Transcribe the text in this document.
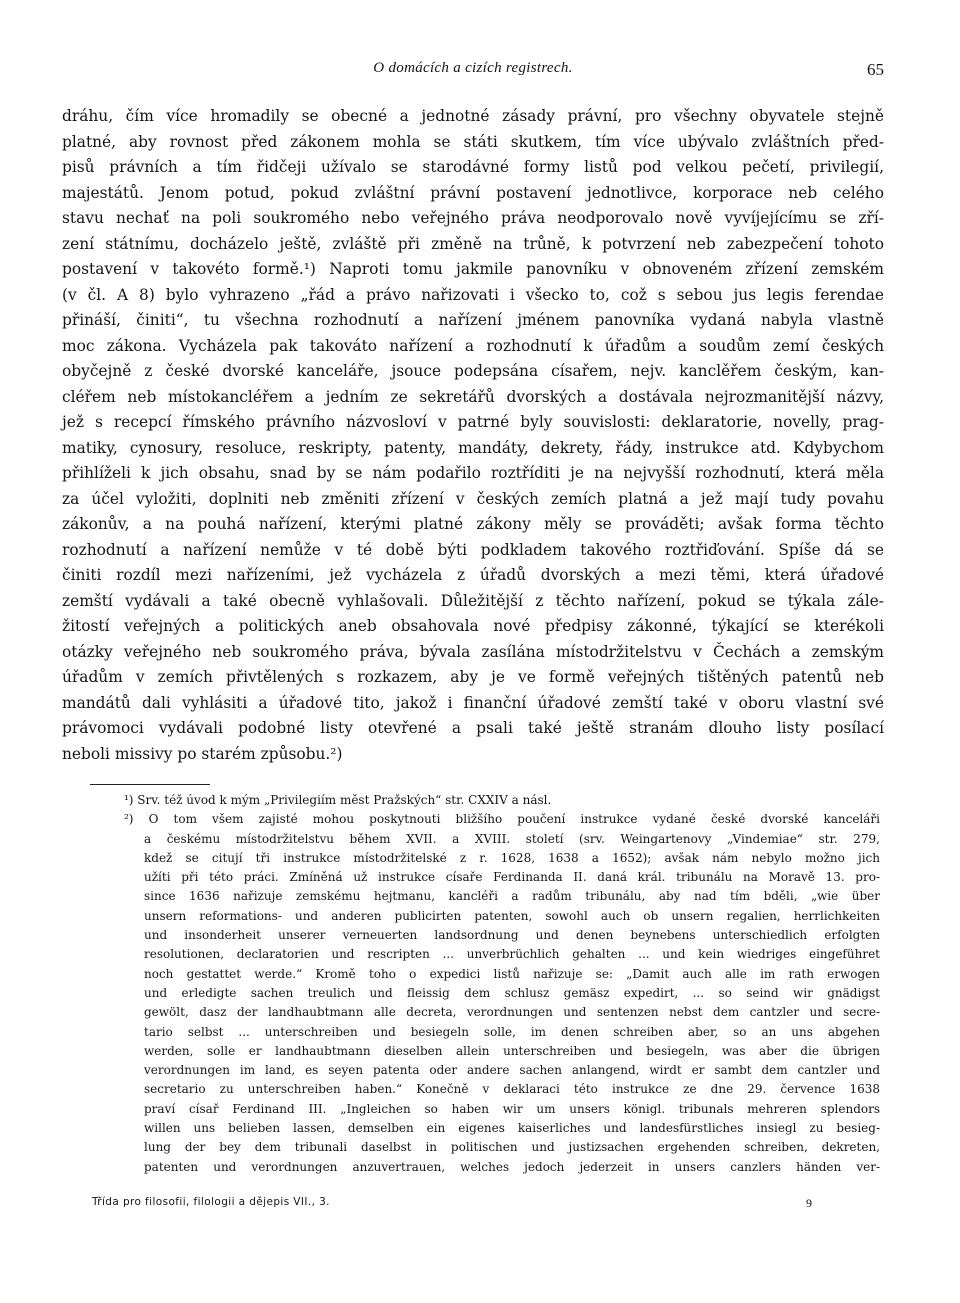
O domácích a cizích registrech.	65
dráhu, čím více hromadily se obecné a jednotné zásady právní, pro všechny obyvatele stejně
platné, aby rovnost před zákonem mohla se státi skutkem, tím více ubývalo zvláštních před-
pisů právních a tím řidčeji užívalo se starodávné formy listů pod velkou pečetí, privilegií,
majestátů. Jenom potud, pokud zvláštní právní postavení jednotlivce, korporace neb celého
stavu nechať na poli soukromého nebo veřejného práva neodporovalo nově vyvíjejícímu se zří-
zení státnímu, docházelo ještě, zvláště při změně na trůně, k potvrzení neb zabezpečení tohoto
postavení v takovéto formě.¹) Naproti tomu jakmile panovníku v obnoveném zřízení zemském
(v čl. A 8) bylo vyhrazeno „řád a právo nařizovati i všecko to, což s sebou jus legis ferendae
přináší, činiti“, tu všechna rozhodnutí a nařízení jménem panovníka vydaná nabyla vlastně
moc zákona. Vycházela pak takováto nařízení a rozhodnutí k úřadům a soudům zemí českých
obyčejně z české dvorské kanceláře, jsouce podepsána císařem, nejv. kanclěřem českým, kan-
cléřem neb místokancléřem a jedním ze sekretářů dvorských a dostávala nejrozmanitější názvy,
jež s recepcí římského právního názvosloví v patrné byly souvislosti: deklaratorie, novelly, prag-
matiky, cynosury, resoluce, reskripty, patenty, mandáty, dekrety, řády, instrukce atd. Kdybychom
přihlíželi k jich obsahu, snad by se nám podařilo roztříditi je na nejvyšší rozhodnutí, která měla
za účel vyložiti, doplniti neb změniti zřízení v českých zemích platná a jež mají tudy povahu
zákonův, a na pouhá nařízení, kterými platné zákony měly se prováděti; avšak forma těchto
rozhodnutí a nařízení nemůže v té době býti podkladem takového roztřiďování. Spíše dá se
činiti rozdíl mezi nařízeními, jež vycházela z úřadů dvorských a mezi těmi, která úřadové
zemští vydávali a také obecně vyhlašovali. Důležitější z těchto nařízení, pokud se týkala zále-
žitostí veřejných a politických aneb obsahovala nové předpisy zákonné, týkající se kterékoli
otázky veřejného neb soukromého práva, bývala zasílána místodržitelstvu v Čechách a zemským
úřadům v zemích přivtělených s rozkazem, aby je ve formě veřejných tištěných patentů neb
mandátů dali vyhlásiti a úřadové tito, jakož i finanční úřadové zemští také v oboru vlastní své
právomoci vydávali podobné listy otevřené a psali také ještě stranám dlouho listy posílací
neboli missivy po starém způsobu.²)
¹) Srv. též úvod k mým „Privilegiím měst Pražských“ str. CXXIV a násl.
²) O tom všem zajisté mohou poskytnouti bližšího poučení instrukce vydané české dvorské kanceláři
a českému místodržitelstvu během XVII. a XVIII. století (srv. Weingartenovy „Vindemiae“ str. 279,
kdež se citují tři instrukce místodržitelské z r. 1628, 1638 a 1652); avšak nám nebylo možno jich
užíti při této práci. Zmíněná už instrukce císaře Ferdinanda II. daná král. tribunálu na Moravě 13. pro-
since 1636 nařizuje zemskému hejtmanu, kancléři a radům tribunálu, aby nad tím bděli, „wie über
unsern reformations- und anderen publicirten patenten, sowohl auch ob unsern regalien, herrlichkeiten
und insonderheit unserer verneuerten landsordnung und denen beynebens unterschiedlich erfolgten
resolutionen, declaratorien und rescripten ... unverbrüchlich gehalten ... und kein wiedriges eingeführet
noch gestattet werde.“ Kromě toho o expedici listů nařizuje se: „Damit auch alle im rath erwogen
und erledigte sachen treulich und fleissig dem schlusz gemäsz expedirt, ... so seind wir gnädigst
gewölt, dasz der landhaubtmann alle decreta, verordnungen und sentenzen nebst dem cantzler und secre-
tario selbst ... unterschreiben und besiegeln solle, im denen schreiben aber, so an uns abgehen
werden, solle er landhaubtmann dieselben allein unterschreiben und besiegeln, was aber die übrigen
verordnungen im land, es seyen patenta oder andere sachen anlangend, wirdt er sambt dem cantzler und
secretario zu unterschreiben haben.“ Konečně v deklaraci této instrukce ze dne 29. července 1638
praví císař Ferdinand III. „Ingleichen so haben wir um unsers königl. tribunals mehreren splendors
willen uns belieben lassen, demselben ein eigenes kaiserliches und landesfürstliches insiegl zu besieg-
lung der bey dem tribunali daselbst in politischen und justizsachen ergehenden schreiben, dekreten,
patenten und verordnungen anzuvertrauen, welches jedoch jederzeit in unsers canzlers händen ver-
Třída pro filosofii, filologii a dějepis VII., 3.	9
